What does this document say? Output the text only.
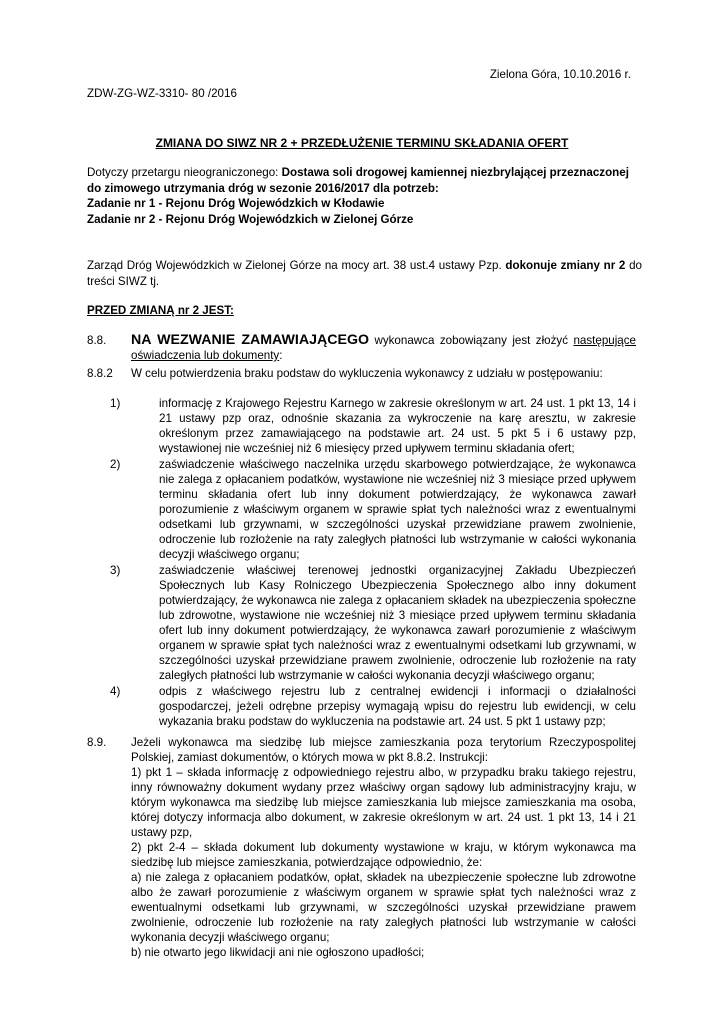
Zielona Góra, 10.10.2016 r.
ZDW-ZG-WZ-3310- 80 /2016
ZMIANA DO SIWZ NR 2 + PRZEDŁUŻENIE TERMINU SKŁADANIA OFERT
Dotyczy przetargu nieograniczonego: Dostawa soli drogowej kamiennej niezbrylającej przeznaczonej do zimowego utrzymania dróg w sezonie 2016/2017 dla potrzeb:
Zadanie nr 1 - Rejonu Dróg Wojewódzkich w Kłodawie
Zadanie nr 2 - Rejonu Dróg Wojewódzkich w Zielonej Górze
Zarząd Dróg Wojewódzkich w Zielonej Górze na mocy art. 38 ust.4 ustawy Pzp. dokonuje zmiany nr 2 do treści SIWZ tj.
PRZED ZMIANĄ nr 2 JEST:
8.8. NA WEZWANIE ZAMAWIAJĄCEGO wykonawca zobowiązany jest złożyć następujące oświadczenia lub dokumenty:
8.8.2 W celu potwierdzenia braku podstaw do wykluczenia wykonawcy z udziału w postępowaniu:
1)	informację z Krajowego Rejestru Karnego w zakresie określonym w art. 24 ust. 1 pkt 13, 14 i 21 ustawy pzp oraz, odnośnie skazania za wykroczenie na karę aresztu, w zakresie określonym przez zamawiającego na podstawie art. 24 ust. 5 pkt 5 i 6 ustawy pzp, wystawionej nie wcześniej niż 6 miesięcy przed upływem terminu składania ofert;
2)	zaświadczenie właściwego naczelnika urzędu skarbowego potwierdzające, że wykonawca nie zalega z opłacaniem podatków, wystawione nie wcześniej niż 3 miesiące przed upływem terminu składania ofert lub inny dokument potwierdzający, że wykonawca zawarł porozumienie z właściwym organem w sprawie spłat tych należności wraz z ewentualnymi odsetkami lub grzywnami, w szczególności uzyskał przewidziane prawem zwolnienie, odroczenie lub rozłożenie na raty zaległych płatności lub wstrzymanie w całości wykonania decyzji właściwego organu;
3)	zaświadczenie właściwej terenowej jednostki organizacyjnej Zakładu Ubezpieczeń Społecznych lub Kasy Rolniczego Ubezpieczenia Społecznego albo inny dokument potwierdzający, że wykonawca nie zalega z opłacaniem składek na ubezpieczenia społeczne lub zdrowotne, wystawione nie wcześniej niż 3 miesiące przed upływem terminu składania ofert lub inny dokument potwierdzający, że wykonawca zawarł porozumienie z właściwym organem w sprawie spłat tych należności wraz z ewentualnymi odsetkami lub grzywnami, w szczególności uzyskał przewidziane prawem zwolnienie, odroczenie lub rozłożenie na raty zaległych płatności lub wstrzymanie w całości wykonania decyzji właściwego organu;
4)	odpis z właściwego rejestru lub z centralnej ewidencji i informacji o działalności gospodarczej, jeżeli odrębne przepisy wymagają wpisu do rejestru lub ewidencji, w celu wykazania braku podstaw do wykluczenia na podstawie art. 24 ust. 5 pkt 1 ustawy pzp;
8.9. Jeżeli wykonawca ma siedzibę lub miejsce zamieszkania poza terytorium Rzeczypospolitej Polskiej, zamiast dokumentów, o których mowa w pkt 8.8.2. Instrukcji:
1) pkt 1 – składa informację z odpowiedniego rejestru albo, w przypadku braku takiego rejestru, inny równoważny dokument wydany przez właściwy organ sądowy lub administracyjny kraju, w którym wykonawca ma siedzibę lub miejsce zamieszkania lub miejsce zamieszkania ma osoba, której dotyczy informacja albo dokument, w zakresie określonym w art. 24 ust. 1 pkt 13, 14 i 21 ustawy pzp,
2) pkt 2-4 – składa dokument lub dokumenty wystawione w kraju, w którym wykonawca ma siedzibę lub miejsce zamieszkania, potwierdzające odpowiednio, że:
a) nie zalega z opłacaniem podatków, opłat, składek na ubezpieczenie społeczne lub zdrowotne albo że zawarł porozumienie z właściwym organem w sprawie spłat tych należności wraz z ewentualnymi odsetkami lub grzywnami, w szczególności uzyskał przewidziane prawem zwolnienie, odroczenie lub rozłożenie na raty zaległych płatności lub wstrzymanie w całości wykonania decyzji właściwego organu;
b) nie otwarto jego likwidacji ani nie ogłoszono upadłości;
